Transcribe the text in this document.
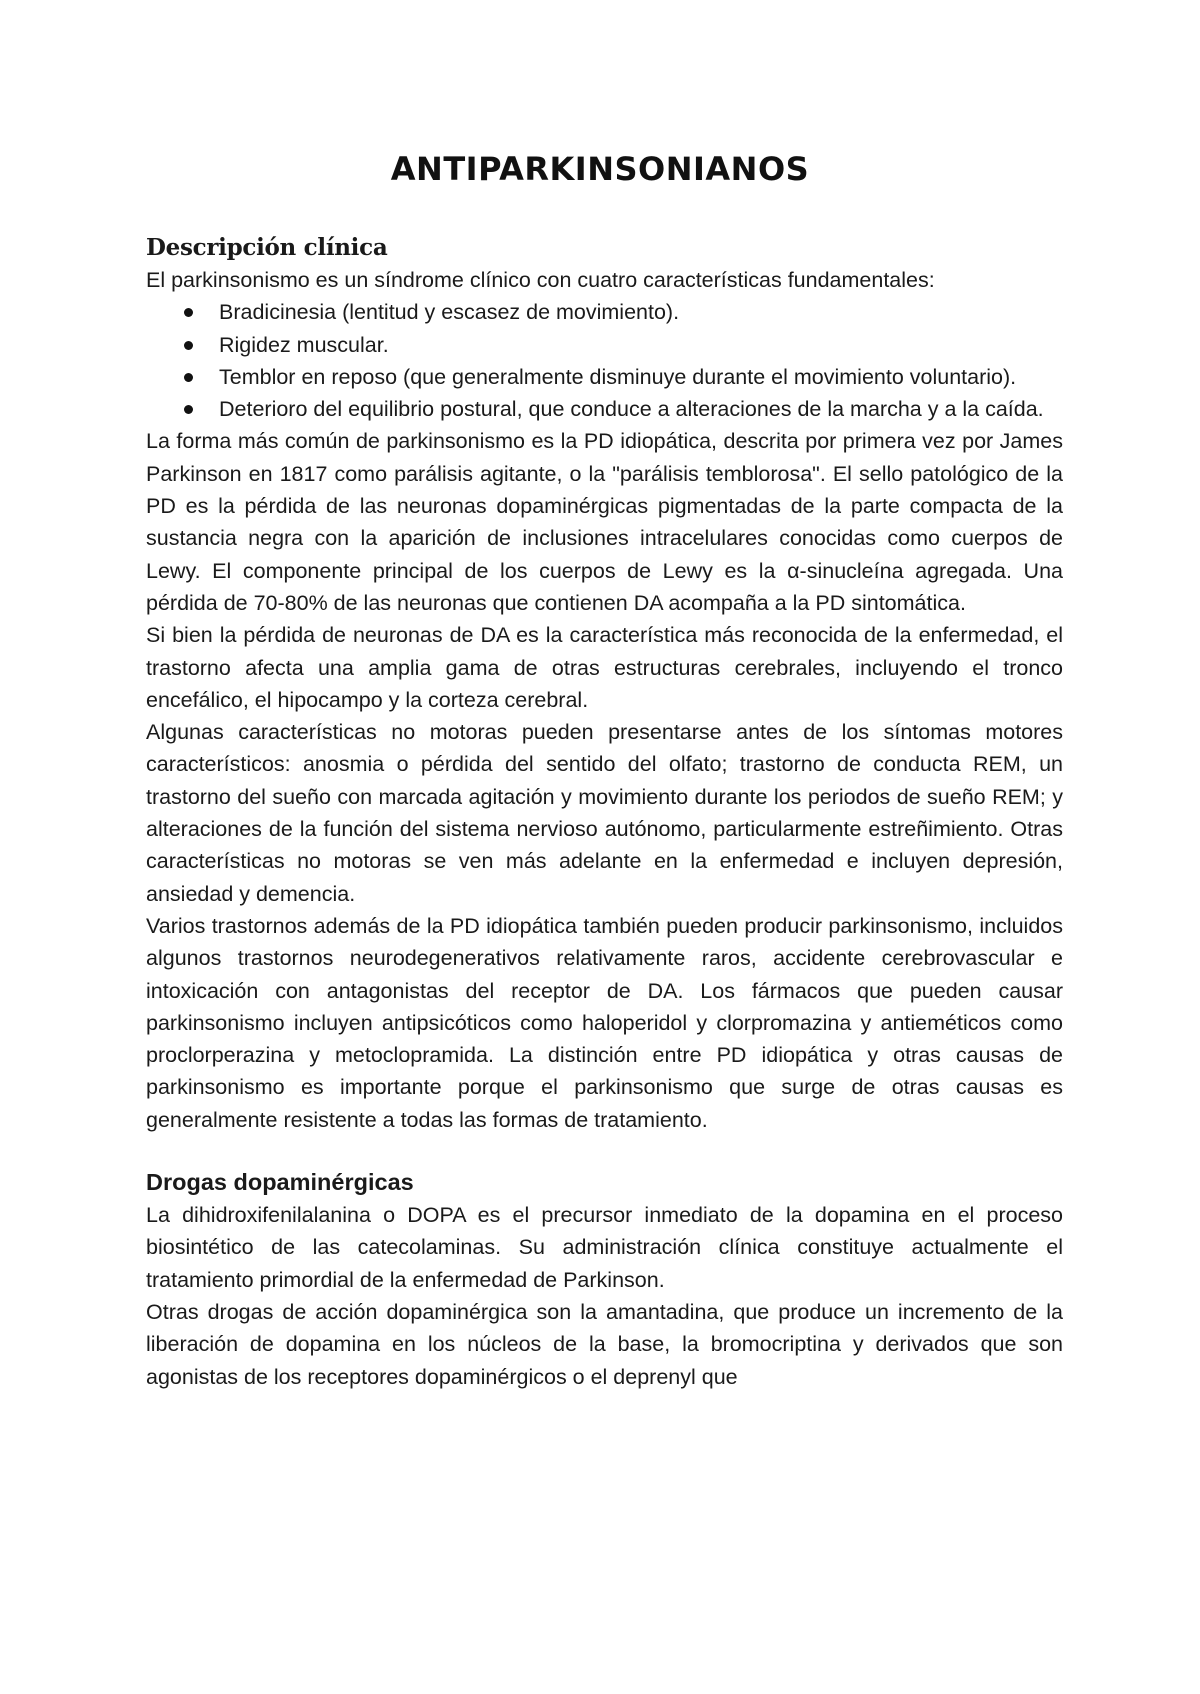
ANTIPARKINSONIANOS
Descripción clínica

El parkinsonismo es un síndrome clínico con cuatro características fundamentales:

Bradicinesia (lentitud y escasez de movimiento).
Rigidez muscular.
Temblor en reposo (que generalmente disminuye durante el movimiento voluntario).
Deterioro del equilibrio postural, que conduce a alteraciones de la marcha y a la caída.

La forma más común de parkinsonismo es la PD idiopática, descrita por primera vez por James Parkinson en 1817 como parálisis agitante, o la "parálisis temblorosa". El sello patológico de la PD es la pérdida de las neuronas dopaminérgicas pigmentadas de la parte compacta de la sustancia negra con la aparición de inclusiones intracelulares conocidas como cuerpos de Lewy. El componente principal de los cuerpos de Lewy es la α-sinucleína agregada. Una pérdida de 70-80% de las neuronas que contienen DA acompaña a la PD sintomática.

Si bien la pérdida de neuronas de DA es la característica más reconocida de la enfermedad, el trastorno afecta una amplia gama de otras estructuras cerebrales, incluyendo el tronco encefálico, el hipocampo y la corteza cerebral.

Algunas características no motoras pueden presentarse antes de los síntomas motores característicos: anosmia o pérdida del sentido del olfato; trastorno de conducta REM, un trastorno del sueño con marcada agitación y movimiento durante los periodos de sueño REM; y alteraciones de la función del sistema nervioso autónomo, particularmente estreñimiento. Otras características no motoras se ven más adelante en la enfermedad e incluyen depresión, ansiedad y demencia.

Varios trastornos además de la PD idiopática también pueden producir parkinsonismo, incluidos algunos trastornos neurodegenerativos relativamente raros, accidente cerebrovascular e intoxicación con antagonistas del receptor de DA. Los fármacos que pueden causar parkinsonismo incluyen antipsicóticos como haloperidol y clorpromazina y antieméticos como proclorperazina y metoclopramida. La distinción entre PD idiopática y otras causas de parkinsonismo es importante porque el parkinsonismo que surge de otras causas es generalmente resistente a todas las formas de tratamiento.

Drogas dopaminérgicas

La dihidroxifenilalanina o DOPA es el precursor inmediato de la dopamina en el proceso biosintético de las catecolaminas. Su administración clínica constituye actualmente el tratamiento primordial de la enfermedad de Parkinson.

Otras drogas de acción dopaminérgica son la amantadina, que produce un incremento de la liberación de dopamina en los núcleos de la base, la bromocriptina y derivados que son agonistas de los receptores dopaminérgicos o el deprenyl que
